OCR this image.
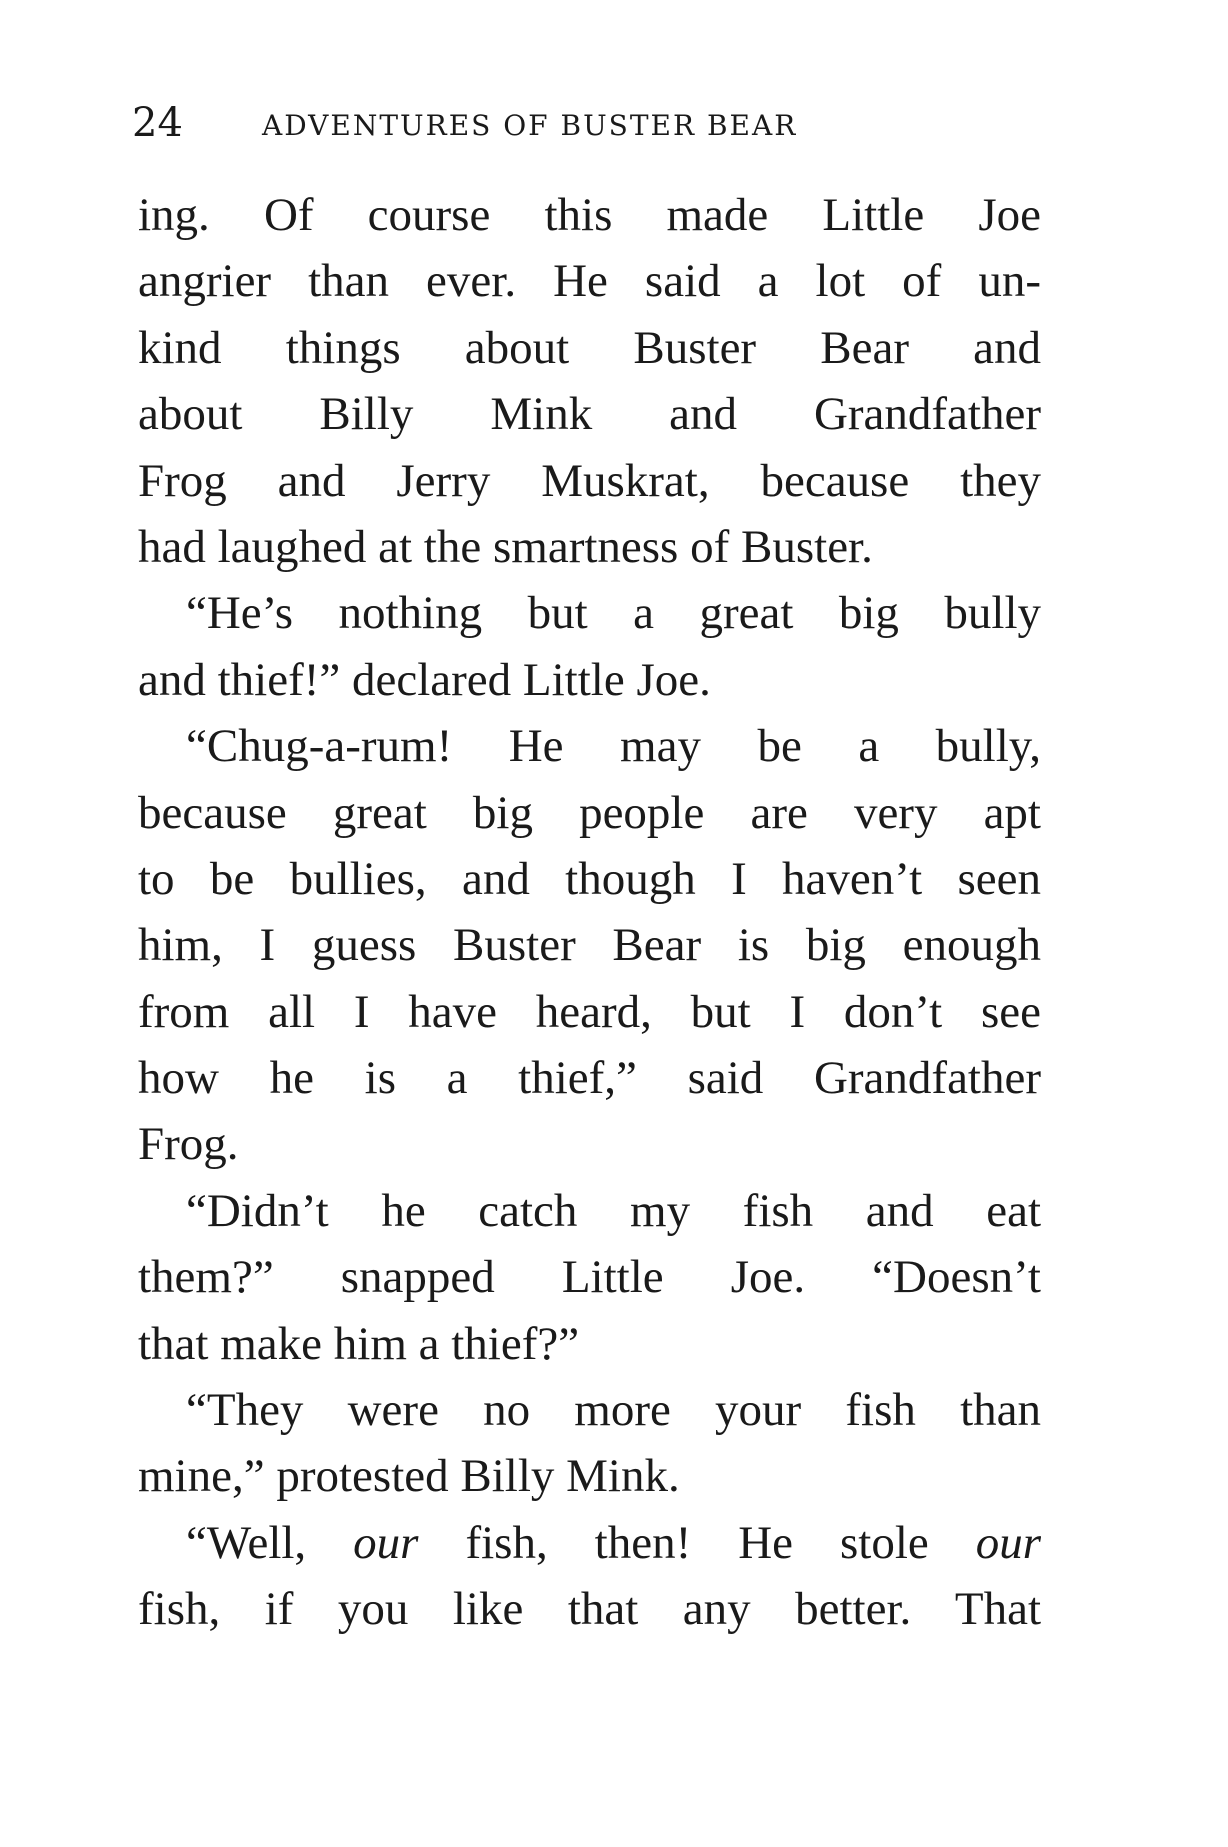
24	ADVENTURES OF BUSTER BEAR
ing. Of course this made Little Joe
angrier than ever. He said a lot of un-
kind things about Buster Bear and
about Billy Mink and Grandfather
Frog and Jerry Muskrat, because they
had laughed at the smartness of Buster.
“He’s nothing but a great big bully
and thief!” declared Little Joe.
“Chug-a-rum! He may be a bully,
because great big people are very apt
to be bullies, and though I haven’t seen
him, I guess Buster Bear is big enough
from all I have heard, but I don’t see
how he is a thief,” said Grandfather
Frog.
“Didn’t he catch my fish and eat
them?” snapped Little Joe. “Doesn’t
that make him a thief?”
“They were no more your fish than
mine,” protested Billy Mink.
“Well, our fish, then! He stole our
fish, if you like that any better. That
